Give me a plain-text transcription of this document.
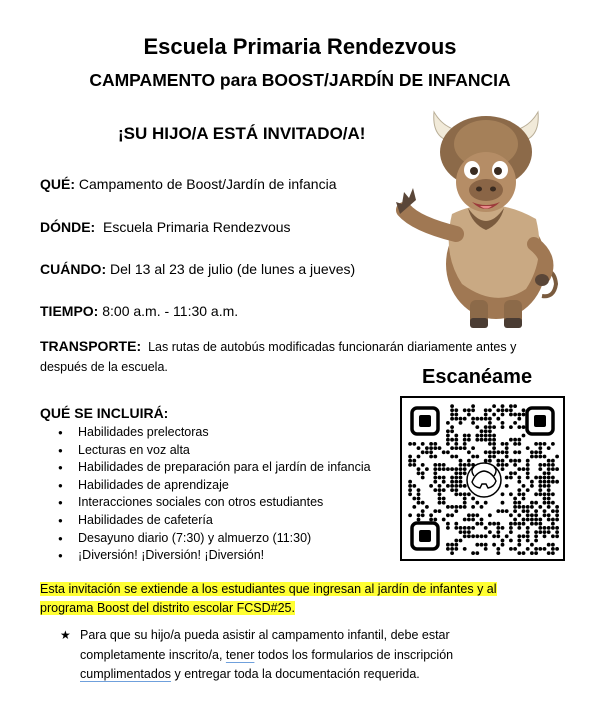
Escuela Primaria Rendezvous
CAMPAMENTO para BOOST/JARDÍN DE INFANCIA
¡SU HIJO/A ESTÁ INVITADO/A!
QUÉ: Campamento de Boost/Jardín de infancia
DÓNDE:  Escuela Primaria Rendezvous
CUÁNDO: Del 13 al 23 de julio (de lunes a jueves)
TIEMPO: 8:00 a.m. - 11:30 a.m.
TRANSPORTE:  Las rutas de autobús modificadas funcionarán diariamente antes y después de la escuela.
QUÉ SE INCLUIRÁ:
● Habilidades prelectoras
● Lecturas en voz alta
● Habilidades de preparación para el jardín de infancia
● Habilidades de aprendizaje
● Interacciones sociales con otros estudiantes
● Habilidades de cafetería
● Desayuno diario (7:30) y almuerzo (11:30)
● ¡Diversión! ¡Diversión! ¡Diversión!
Esta invitación se extiende a los estudiantes que ingresan al jardín de infantes y al programa Boost del distrito escolar FCSD#25.
★ Para que su hijo/a pueda asistir al campamento infantil, debe estar completamente inscrito/a, tener todos los formularios de inscripción cumplimentados y entregar toda la documentación requerida.
Escanéame
